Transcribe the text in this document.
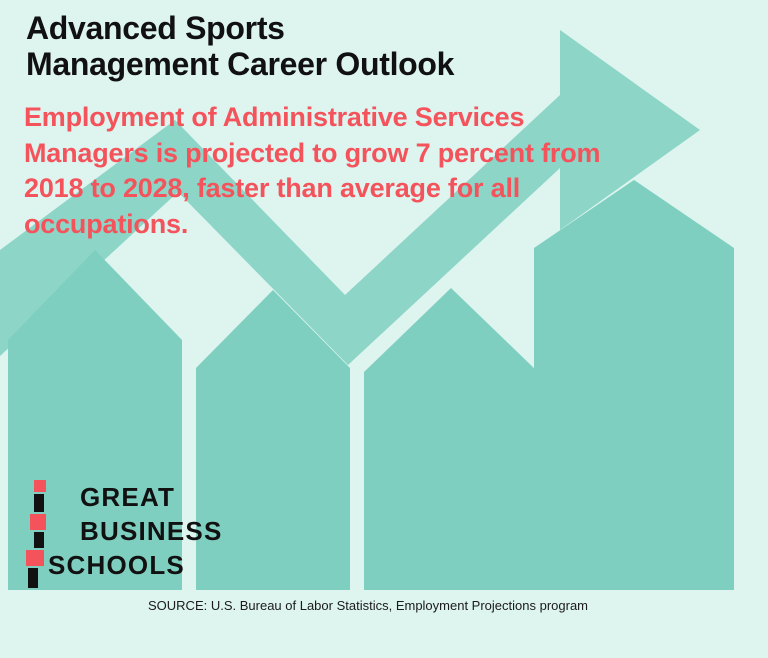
Advanced Sports
Management Career Outlook
Employment of Administrative Services Managers is projected to grow 7 percent from 2018 to 2028, faster than average for all occupations.
GREAT
BUSINESS
SCHOOLS
SOURCE: U.S. Bureau of Labor Statistics, Employment Projections program
